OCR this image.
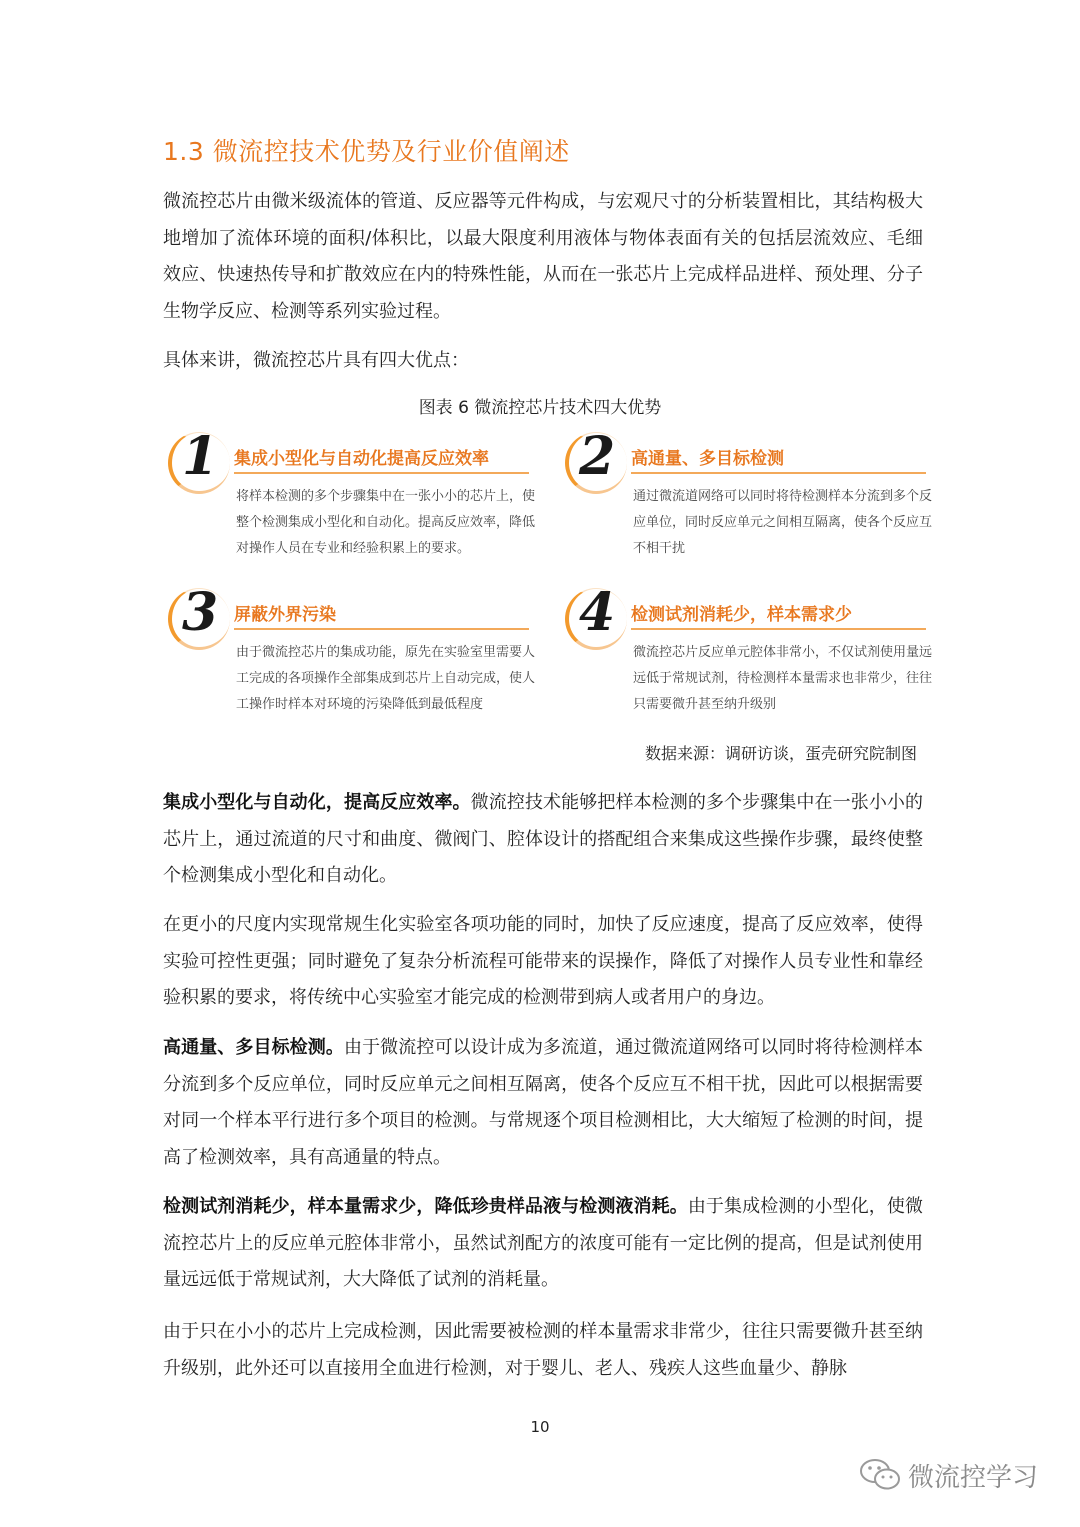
1.3 微流控技术优势及行业价值阐述
微流控芯片由微米级流体的管道、反应器等元件构成，与宏观尺寸的分析装置相比，其结构极大地增加了流体环境的面积/体积比，以最大限度利用液体与物体表面有关的包括层流效应、毛细效应、快速热传导和扩散效应在内的特殊性能，从而在一张芯片上完成样品进样、预处理、分子生物学反应、检测等系列实验过程。
具体来讲，微流控芯片具有四大优点：
图表 6 微流控芯片技术四大优势
1 集成小型化与自动化提高反应效率
将样本检测的多个步骤集中在一张小小的芯片上，使整个检测集成小型化和自动化。提高反应效率，降低对操作人员在专业和经验积累上的要求。
2 高通量、多目标检测
通过微流道网络可以同时将待检测样本分流到多个反应单位，同时反应单元之间相互隔离，使各个反应互不相干扰
3 屏蔽外界污染
由于微流控芯片的集成功能，原先在实验室里需要人工完成的各项操作全部集成到芯片上自动完成，使人工操作时样本对环境的污染降低到最低程度
4 检测试剂消耗少，样本需求少
微流控芯片反应单元腔体非常小，不仅试剂使用量远远低于常规试剂，待检测样本量需求也非常少，往往只需要微升甚至纳升级别
数据来源：调研访谈，蛋壳研究院制图
集成小型化与自动化，提高反应效率。微流控技术能够把样本检测的多个步骤集中在一张小小的芯片上，通过流道的尺寸和曲度、微阀门、腔体设计的搭配组合来集成这些操作步骤，最终使整个检测集成小型化和自动化。
在更小的尺度内实现常规生化实验室各项功能的同时，加快了反应速度，提高了反应效率，使得实验可控性更强；同时避免了复杂分析流程可能带来的误操作，降低了对操作人员专业性和靠经验积累的要求，将传统中心实验室才能完成的检测带到病人或者用户的身边。
高通量、多目标检测。由于微流控可以设计成为多流道，通过微流道网络可以同时将待检测样本分流到多个反应单位，同时反应单元之间相互隔离，使各个反应互不相干扰，因此可以根据需要对同一个样本平行进行多个项目的检测。与常规逐个项目检测相比，大大缩短了检测的时间，提高了检测效率，具有高通量的特点。
检测试剂消耗少，样本量需求少，降低珍贵样品液与检测液消耗。由于集成检测的小型化，使微流控芯片上的反应单元腔体非常小，虽然试剂配方的浓度可能有一定比例的提高，但是试剂使用量远远低于常规试剂，大大降低了试剂的消耗量。
由于只在小小的芯片上完成检测，因此需要被检测的样本量需求非常少，往往只需要微升甚至纳升级别，此外还可以直接用全血进行检测，对于婴儿、老人、残疾人这些血量少、静脉
10
微流控学习
